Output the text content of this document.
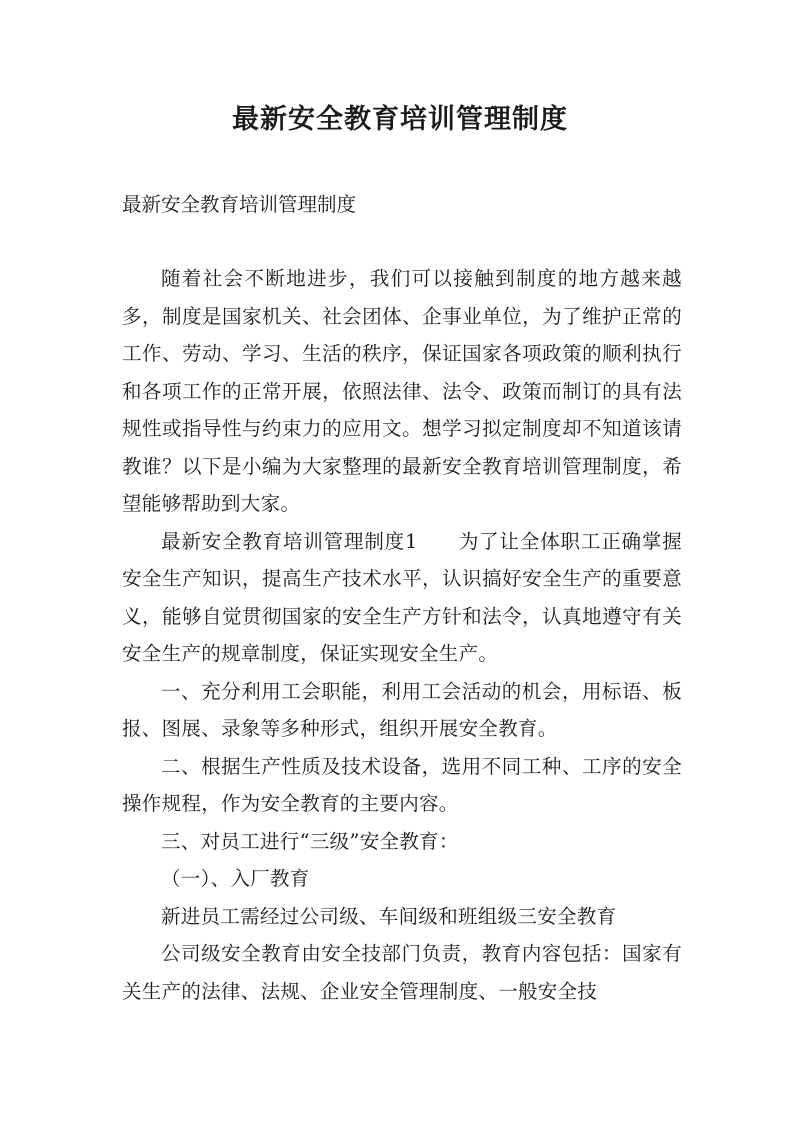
最新安全教育培训管理制度

最新安全教育培训管理制度

随着社会不断地进步，我们可以接触到制度的地方越来越多，制度是国家机关、社会团体、企事业单位，为了维护正常的工作、劳动、学习、生活的秩序，保证国家各项政策的顺利执行和各项工作的正常开展，依照法律、法令、政策而制订的具有法规性或指导性与约束力的应用文。想学习拟定制度却不知道该请教谁？以下是小编为大家整理的最新安全教育培训管理制度，希望能够帮助到大家。

最新安全教育培训管理制度1　　为了让全体职工正确掌握安全生产知识，提高生产技术水平，认识搞好安全生产的重要意义，能够自觉贯彻国家的安全生产方针和法令，认真地遵守有关安全生产的规章制度，保证实现安全生产。

一、充分利用工会职能，利用工会活动的机会，用标语、板报、图展、录象等多种形式，组织开展安全教育。

二、根据生产性质及技术设备，选用不同工种、工序的安全操作规程，作为安全教育的主要内容。

三、对员工进行“三级”安全教育：

（一）、入厂教育

新进员工需经过公司级、车间级和班组级三安全教育

公司级安全教育由安全技部门负责，教育内容包括：国家有关生产的法律、法规、企业安全管理制度、一般安全技
